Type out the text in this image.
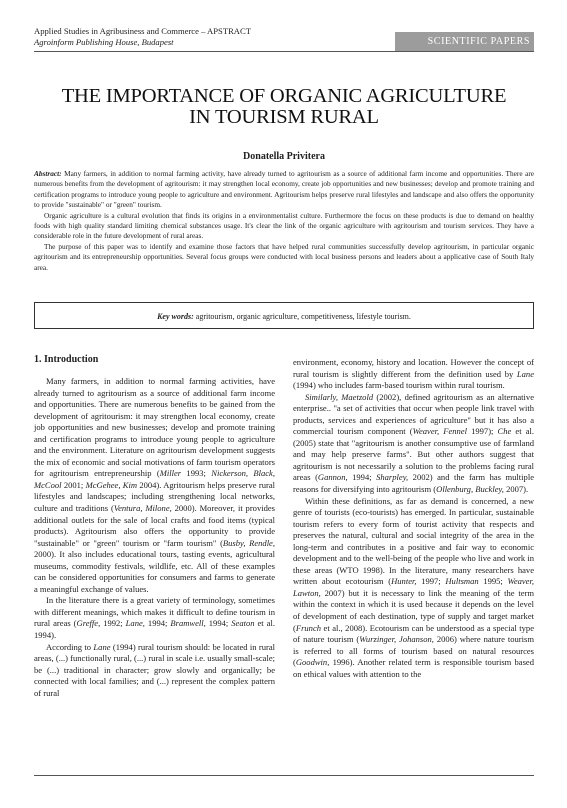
Applied Studies in Agribusiness and Commerce – APSTRACT
Agroinform Publishing House, Budapest	SCIENTIFIC PAPERS
THE IMPORTANCE OF ORGANIC AGRICULTURE
IN TOURISM RURAL
Donatella Privitera

Abstract: Many farmers, in addition to normal farming activity, have already turned to agritourism as a source of additional farm income and opportunities. There are numerous benefits from the development of agritourism: it may strengthen local economy, create job opportunities and new businesses; develop and promote training and certification programs to introduce young people to agriculture and environment. Agritourism helps preserve rural lifestyles and landscape and also offers the opportunity to provide "sustainable" or "green" tourism.

Organic agriculture is a cultural evolution that finds its origins in a environmentalist culture. Furthermore the focus on these products is due to demand on healthy foods with high quality standard limiting chemical substances usage. It's clear the link of the organic agriculture with agritourism and tourism services. They have a considerable role in the future development of rural areas.

The purpose of this paper was to identify and examine those factors that have helped rural communities successfully develop agritourism, in particular organic agritourism and its entrepreneurship opportunities. Several focus groups were conducted with local business persons and leaders about a applicative case of South Italy area.

Key words: agritourism, organic agriculture, competitiveness, lifestyle tourism.
1. Introduction

Many farmers, in addition to normal farming activities, have already turned to agritourism as a source of additional farm income and opportunities. There are numerous benefits to be gained from the development of agritourism: it may strengthen local economy, create job opportunities and new businesses; develop and promote training and certification programs to introduce young people to agriculture and the environment. Literature on agritourism development suggests the mix of economic and social motivations of farm tourism operators for agritourism entrepreneurship (Miller 1993; Nickerson, Black, McCool 2001; McGehee, Kim 2004). Agritourism helps preserve rural lifestyles and landscapes; including strengthening local networks, culture and traditions (Ventura, Milone, 2000). Moreover, it provides additional outlets for the sale of local crafts and food items (typical products). Agritourism also offers the opportunity to provide "sustainable" or "green" tourism or "farm tourism" (Busby, Rendle, 2000). It also includes educational tours, tasting events, agricultural museums, commodity festivals, wildlife, etc. All of these examples can be considered opportunities for consumers and farms to generate a meaningful exchange of values.

In the literature there is a great variety of terminology, sometimes with different meanings, which makes it difficult to define tourism in rural areas (Greffe, 1992; Lane, 1994; Bramwell, 1994; Seaton et al. 1994).

According to Lane (1994) rural tourism should: be located in rural areas, (...) functionally rural, (...) rural in scale i.e. usually small-scale; be (...) traditional in character; grow slowly and organically; be connected with local families; and (...) represent the complex pattern of rural

environment, economy, history and location. However the concept of rural tourism is slightly different from the definition used by Lane (1994) who includes farm-based tourism within rural tourism.

Similarly, Maetzold (2002), defined agritourism as an alternative enterprise.. "a set of activities that occur when people link travel with products, services and experiences of agriculture" but it has also a commercial tourism component (Weaver, Fennel 1997); Che et al. (2005) state that "agritourism is another consumptive use of farmland and may help preserve farms". But other authors suggest that agritourism is not necessarily a solution to the problems facing rural areas (Gannon, 1994; Sharpley, 2002) and the farm has multiple reasons for diversifying into agritourism (Ollenburg, Buckley, 2007).

Within these definitions, as far as demand is concerned, a new genre of tourists (eco-tourists) has emerged. In particular, sustainable tourism refers to every form of tourist activity that respects and preserves the natural, cultural and social integrity of the area in the long-term and contributes in a positive and fair way to economic development and to the well-being of the people who live and work in these areas (WTO 1998). In the literature, many researchers have written about ecotourism (Hunter, 1997; Hultsman 1995; Weaver, Lawton, 2007) but it is necessary to link the meaning of the term within the context in which it is used because it depends on the level of development of each destination, type of supply and target market (Frunch et al., 2008). Ecotourism can be understood as a special type of nature tourism (Wurzinger, Johanson, 2006) where nature tourism is referred to all forms of tourism based on natural resources (Goodwin, 1996). Another related term is responsible tourism based on ethical values with attention to the
